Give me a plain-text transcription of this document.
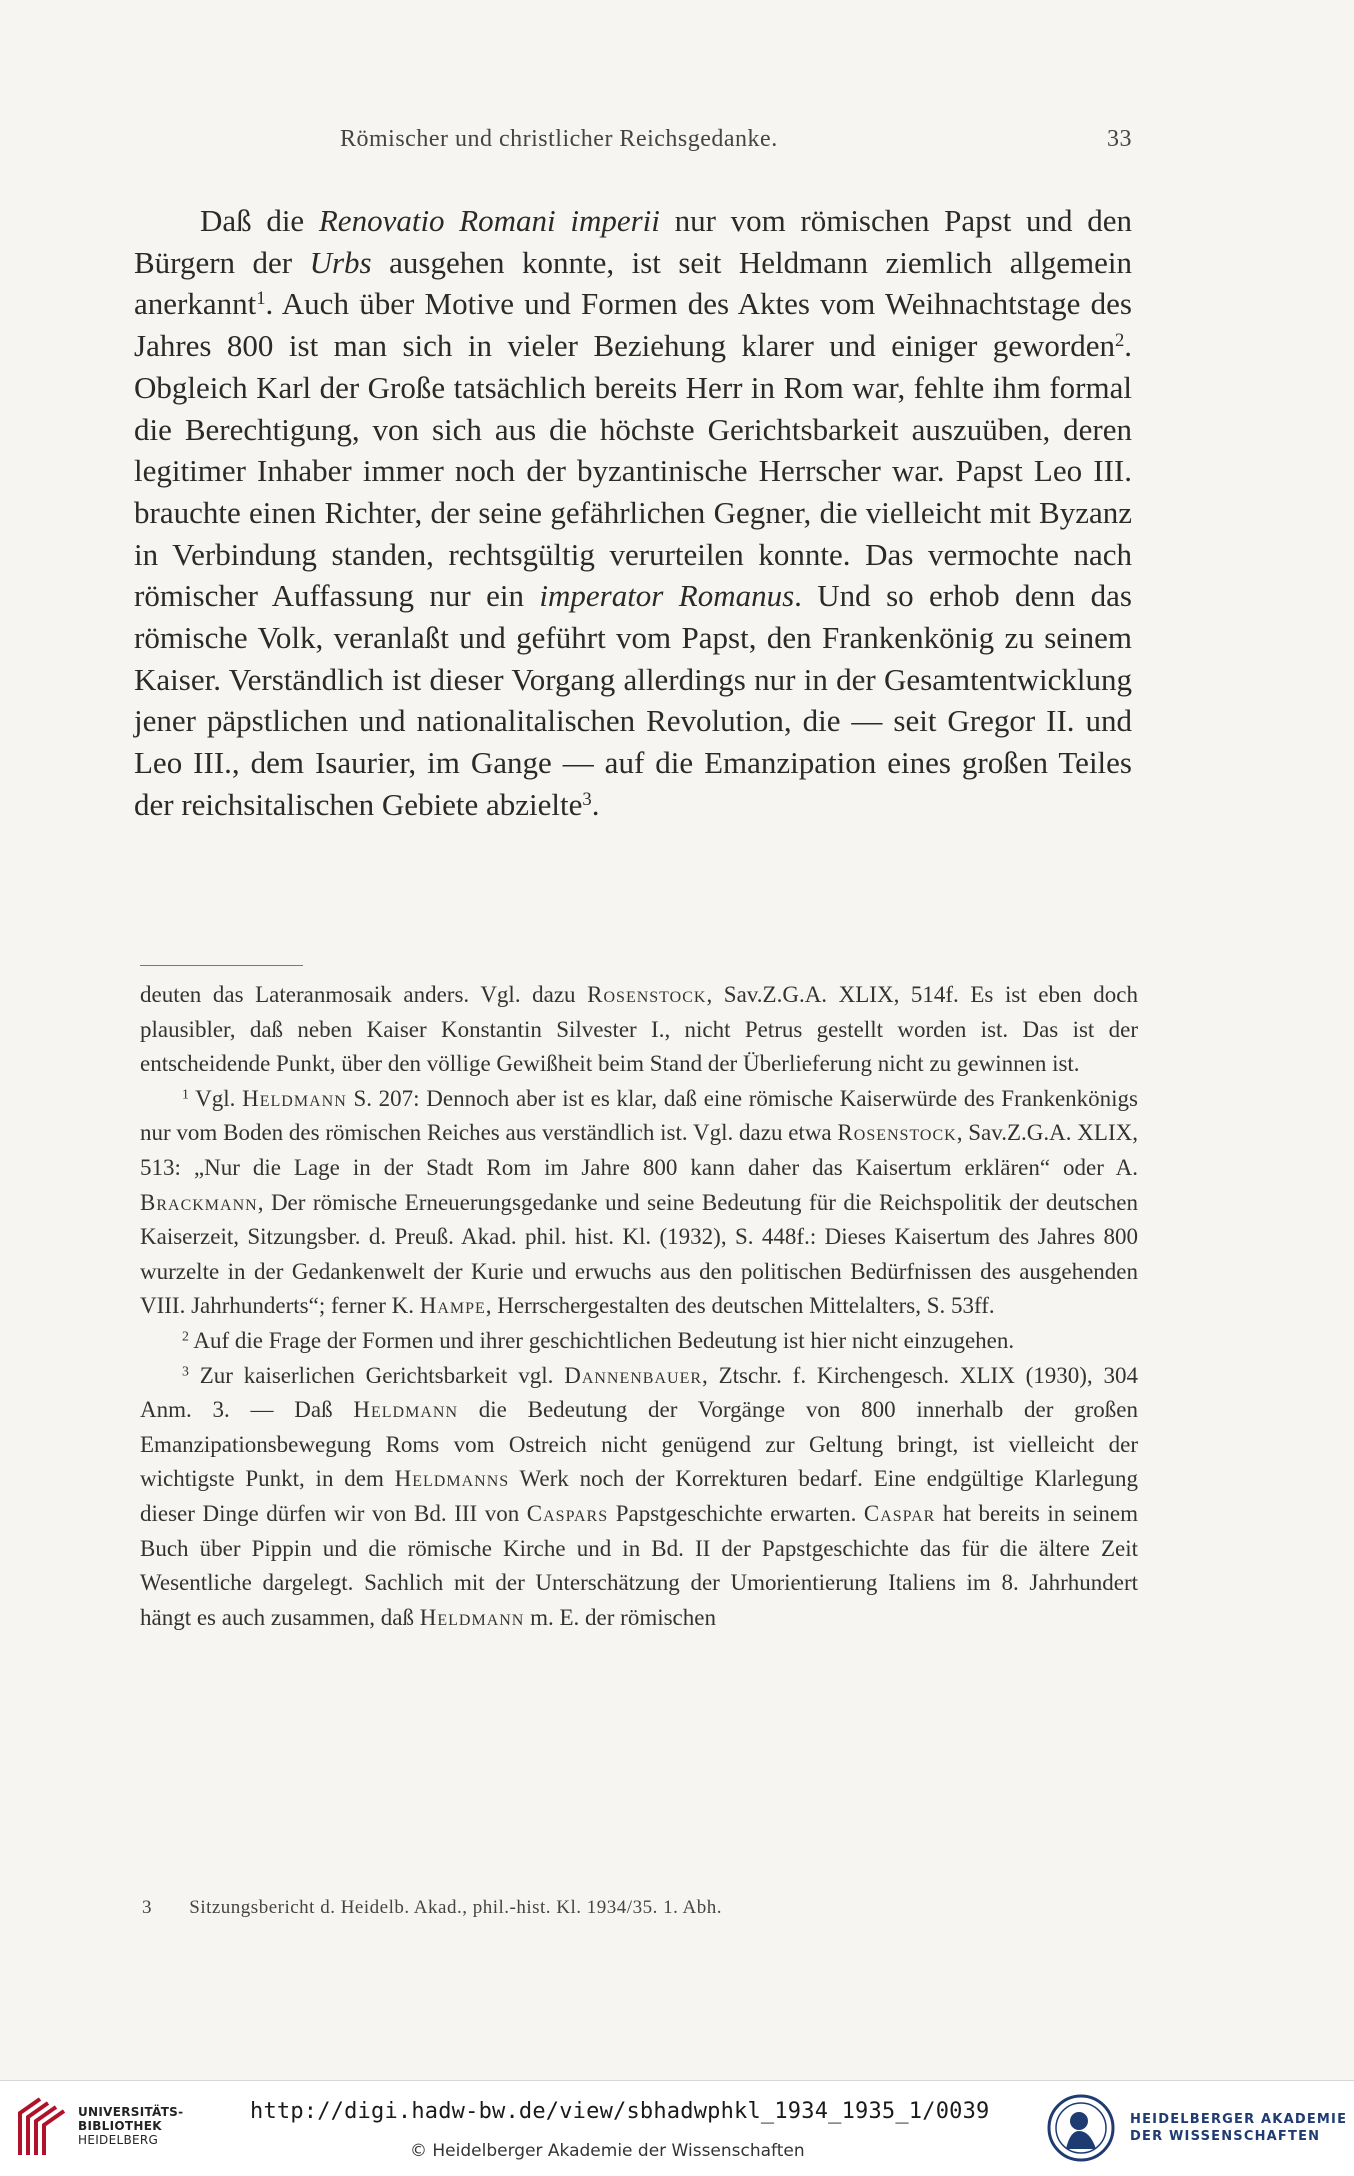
Römischer und christlicher Reichsgedanke.	33

Daß die Renovatio Romani imperii nur vom römischen Papst und den Bürgern der Urbs ausgehen konnte, ist seit Heldmann ziemlich allgemein anerkannt$^1$. Auch über Motive und Formen des Aktes vom Weihnachtstage des Jahres 800 ist man sich in vieler Beziehung klarer und einiger geworden$^2$. Obgleich Karl der Große tatsächlich bereits Herr in Rom war, fehlte ihm formal die Berechtigung, von sich aus die höchste Gerichtsbarkeit auszuüben, deren legitimer Inhaber immer noch der byzantinische Herrscher war. Papst Leo III. brauchte einen Richter, der seine gefährlichen Gegner, die vielleicht mit Byzanz in Verbindung standen, rechtsgültig verurteilen konnte. Das vermochte nach römischer Auffassung nur ein imperator Romanus. Und so erhob denn das römische Volk, veranlaßt und geführt vom Papst, den Frankenkönig zu seinem Kaiser. Verständlich ist dieser Vorgang allerdings nur in der Gesamtentwicklung jener päpstlichen und nationalitalischen Revolution, die — seit Gregor II. und Leo III., dem Isaurier, im Gange — auf die Emanzipation eines großen Teiles der reichsitalischen Gebiete abzielte$^3$.

deuten das Lateranmosaik anders. Vgl. dazu Rosenstock, Sav.Z.G.A. XLIX, 514f. Es ist eben doch plausibler, daß neben Kaiser Konstantin Silvester I., nicht Petrus gestellt worden ist. Das ist der entscheidende Punkt, über den völlige Gewißheit beim Stand der Überlieferung nicht zu gewinnen ist.

$^1$ Vgl. Heldmann S. 207: Dennoch aber ist es klar, daß eine römische Kaiserwürde des Frankenkönigs nur vom Boden des römischen Reiches aus verständlich ist. Vgl. dazu etwa Rosenstock, Sav.Z.G.A. XLIX, 513: „Nur die Lage in der Stadt Rom im Jahre 800 kann daher das Kaisertum erklären“ oder A. Brackmann, Der römische Erneuerungsgedanke und seine Bedeutung für die Reichspolitik der deutschen Kaiserzeit, Sitzungsber. d. Preuß. Akad. phil. hist. Kl. (1932), S. 448f.: Dieses Kaisertum des Jahres 800 wurzelte in der Gedankenwelt der Kurie und erwuchs aus den politischen Bedürfnissen des ausgehenden VIII. Jahrhunderts“; ferner K. Hampe, Herrschergestalten des deutschen Mittelalters, S. 53ff.

$^2$ Auf die Frage der Formen und ihrer geschichtlichen Bedeutung ist hier nicht einzugehen.

$^3$ Zur kaiserlichen Gerichtsbarkeit vgl. Dannenbauer, Ztschr. f. Kirchengesch. XLIX (1930), 304 Anm. 3. — Daß Heldmann die Bedeutung der Vorgänge von 800 innerhalb der großen Emanzipationsbewegung Roms vom Ostreich nicht genügend zur Geltung bringt, ist vielleicht der wichtigste Punkt, in dem Heldmanns Werk noch der Korrekturen bedarf. Eine endgültige Klarlegung dieser Dinge dürfen wir von Bd. III von Caspars Papstgeschichte erwarten. Caspar hat bereits in seinem Buch über Pippin und die römische Kirche und in Bd. II der Papstgeschichte das für die ältere Zeit Wesentliche dargelegt. Sachlich mit der Unterschätzung der Umorientierung Italiens im 8. Jahrhundert hängt es auch zusammen, daß Heldmann m. E. der römischen

3 Sitzungsbericht d. Heidelb. Akad., phil.-hist. Kl. 1934/35. 1. Abh.
UNIVERSITÄTS-
BIBLIOTHEK
HEIDELBERG
http://digi.hadw-bw.de/view/sbhadwphkl_1934_1935_1/0039
© Heidelberger Akademie der Wissenschaften
HEIDELBERGER AKADEMIE
DER WISSENSCHAFTEN
